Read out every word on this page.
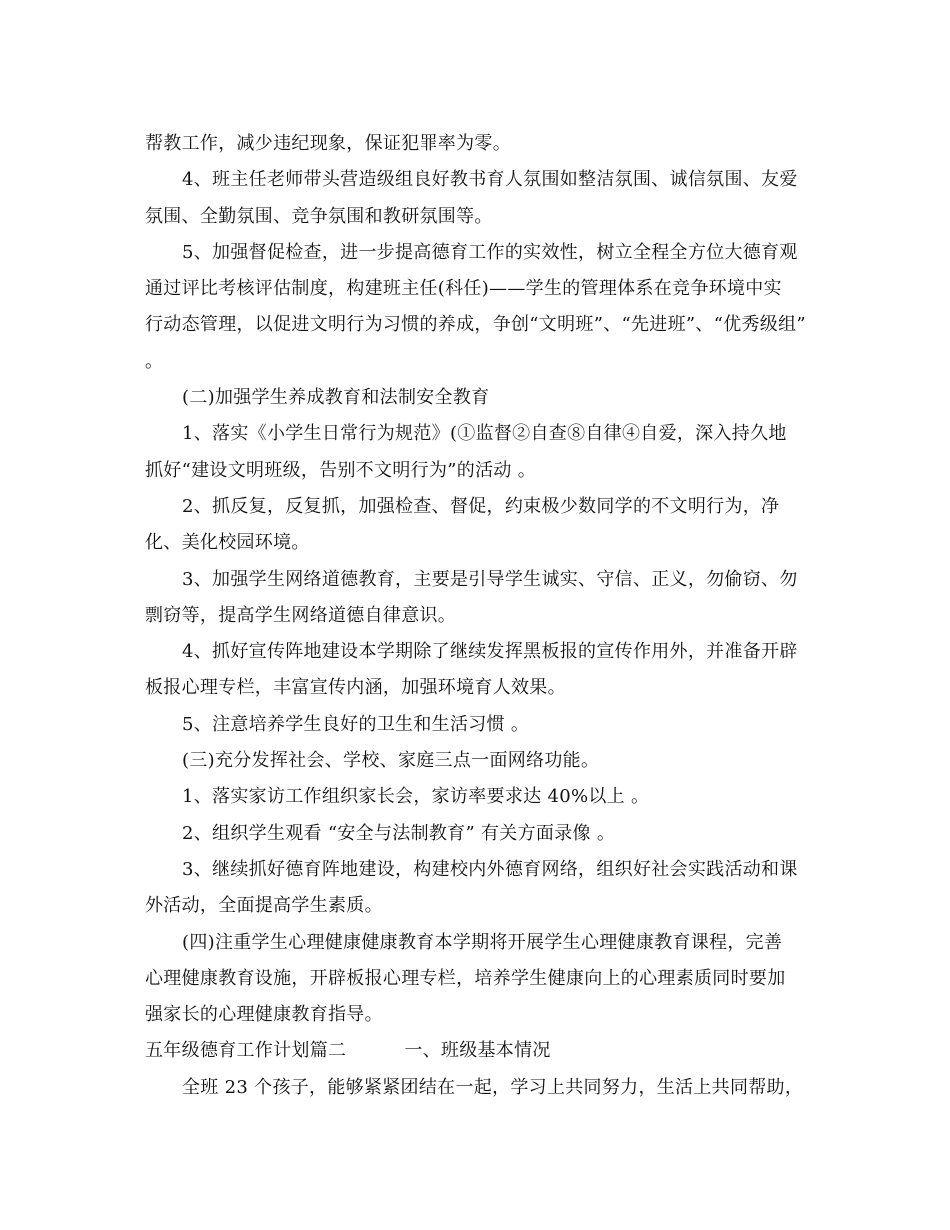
帮教工作，减少违纪现象，保证犯罪率为零。

4、班主任老师带头营造级组良好教书育人氛围如整洁氛围、诚信氛围、友爱

氛围、全勤氛围、竞争氛围和教研氛围等。

5、加强督促检查，进一步提高德育工作的实效性，树立全程全方位大德育观

通过评比考核评估制度，构建班主任(科任)——学生的管理体系在竞争环境中实

行动态管理，以促进文明行为习惯的养成，争创“文明班”、“先进班”、“优秀级组”

。

(二)加强学生养成教育和法制安全教育

1、落实《小学生日常行为规范》(①监督②自查⑧自律④自爱，深入持久地

抓好“建设文明班级，告别不文明行为”的活动 。

2、抓反复，反复抓，加强检查、督促，约束极少数同学的不文明行为，净

化、美化校园环境。

3、加强学生网络道德教育，主要是引导学生诚实、守信、正义，勿偷窃、勿

剽窃等，提高学生网络道德自律意识。

4、抓好宣传阵地建设本学期除了继续发挥黑板报的宣传作用外，并准备开辟

板报心理专栏，丰富宣传内涵，加强环境育人效果。

5、注意培养学生良好的卫生和生活习惯 。

(三)充分发挥社会、学校、家庭三点一面网络功能。

1、落实家访工作组织家长会，家访率要求达 40%以上 。

2、组织学生观看 “安全与法制教育” 有关方面录像 。

3、继续抓好德育阵地建设，构建校内外德育网络，组织好社会实践活动和课

外活动，全面提高学生素质。

(四)注重学生心理健康健康教育本学期将开展学生心理健康教育课程，完善

心理健康教育设施，开辟板报心理专栏，培养学生健康向上的心理素质同时要加

强家长的心理健康教育指导。

五年级德育工作计划篇二	一、班级基本情况

全班 23 个孩子，能够紧紧团结在一起，学习上共同努力，生活上共同帮助，
